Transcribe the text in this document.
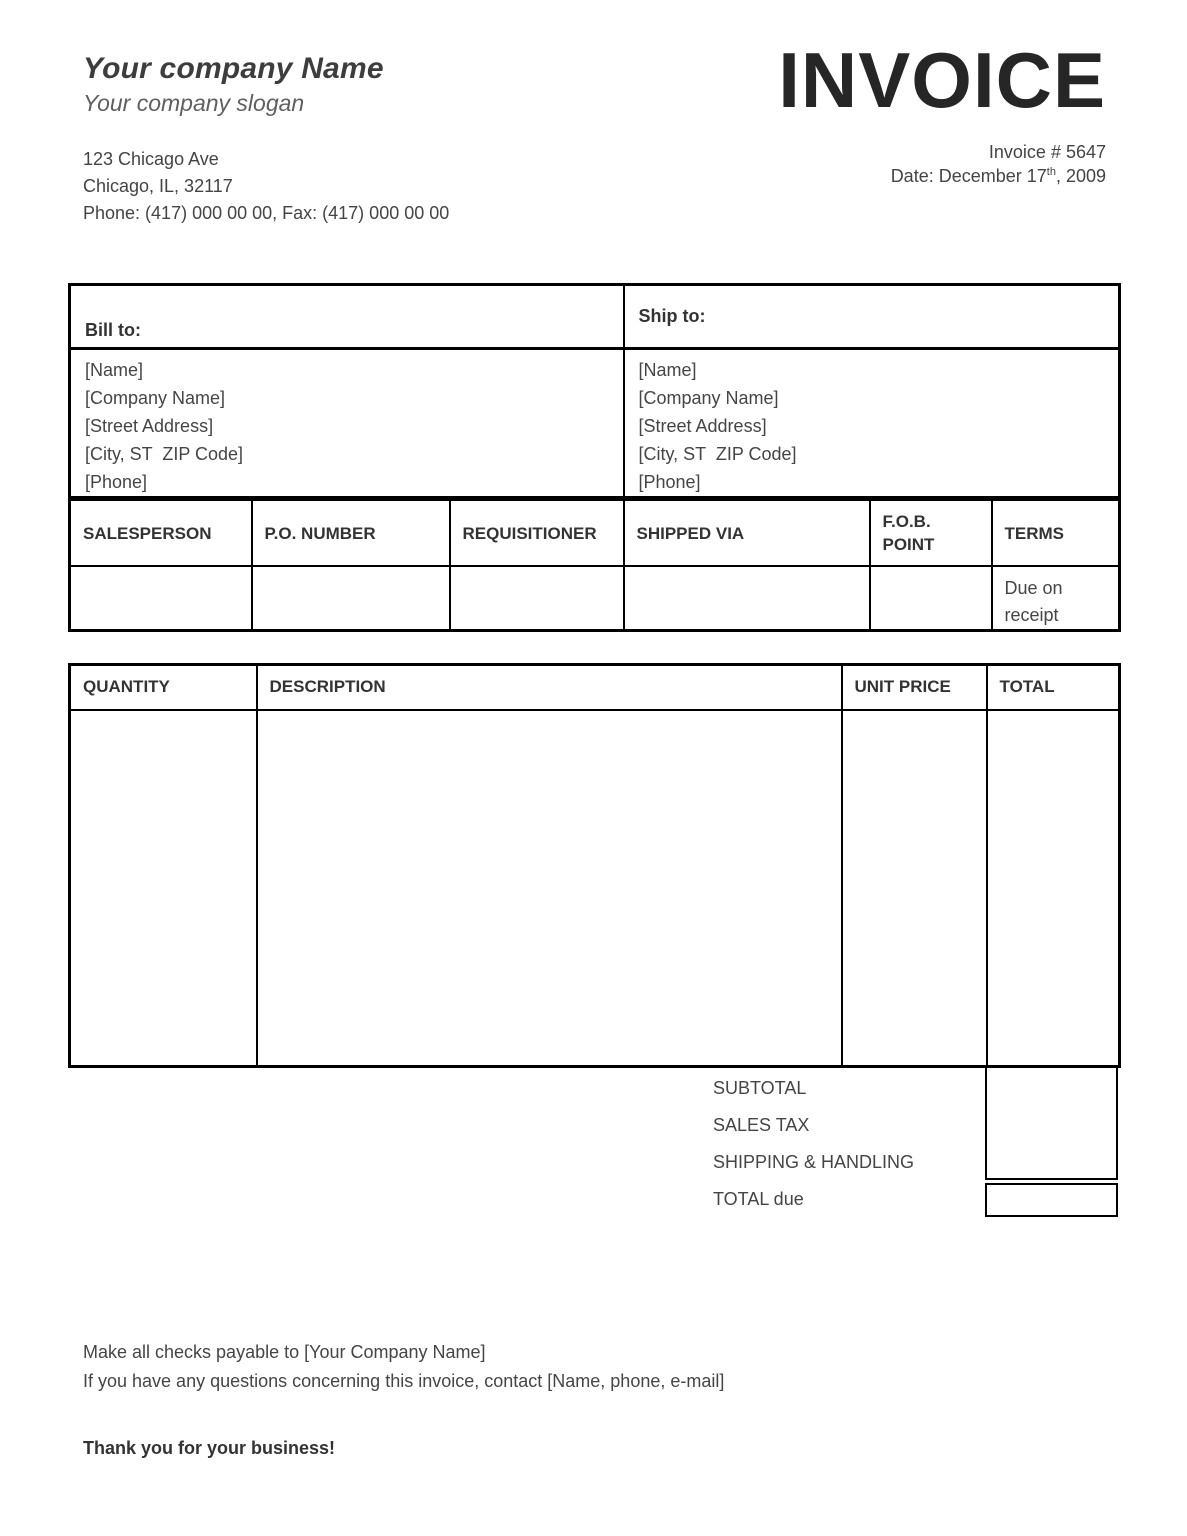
Your company Name
Your company slogan
123 Chicago Ave
Chicago, IL, 32117
Phone: (417) 000 00 00, Fax: (417) 000 00 00
INVOICE
Invoice # 5647
Date: December 17th, 2009
Bill to:	Ship to:

[Name]
[Company Name]
[Street Address]
[City, ST  ZIP Code]
[Phone]

[Name]
[Company Name]
[Street Address]
[City, ST  ZIP Code]
[Phone]
SALESPERSON	P.O. NUMBER	REQUISITIONER	SHIPPED VIA	F.O.B. POINT	TERMS
					Due on receipt
QUANTITY	DESCRIPTION	UNIT PRICE	TOTAL

SUBTOTAL
SALES TAX
SHIPPING & HANDLING
TOTAL due
Make all checks payable to [Your Company Name]
If you have any questions concerning this invoice, contact [Name, phone, e-mail]
Thank you for your business!
